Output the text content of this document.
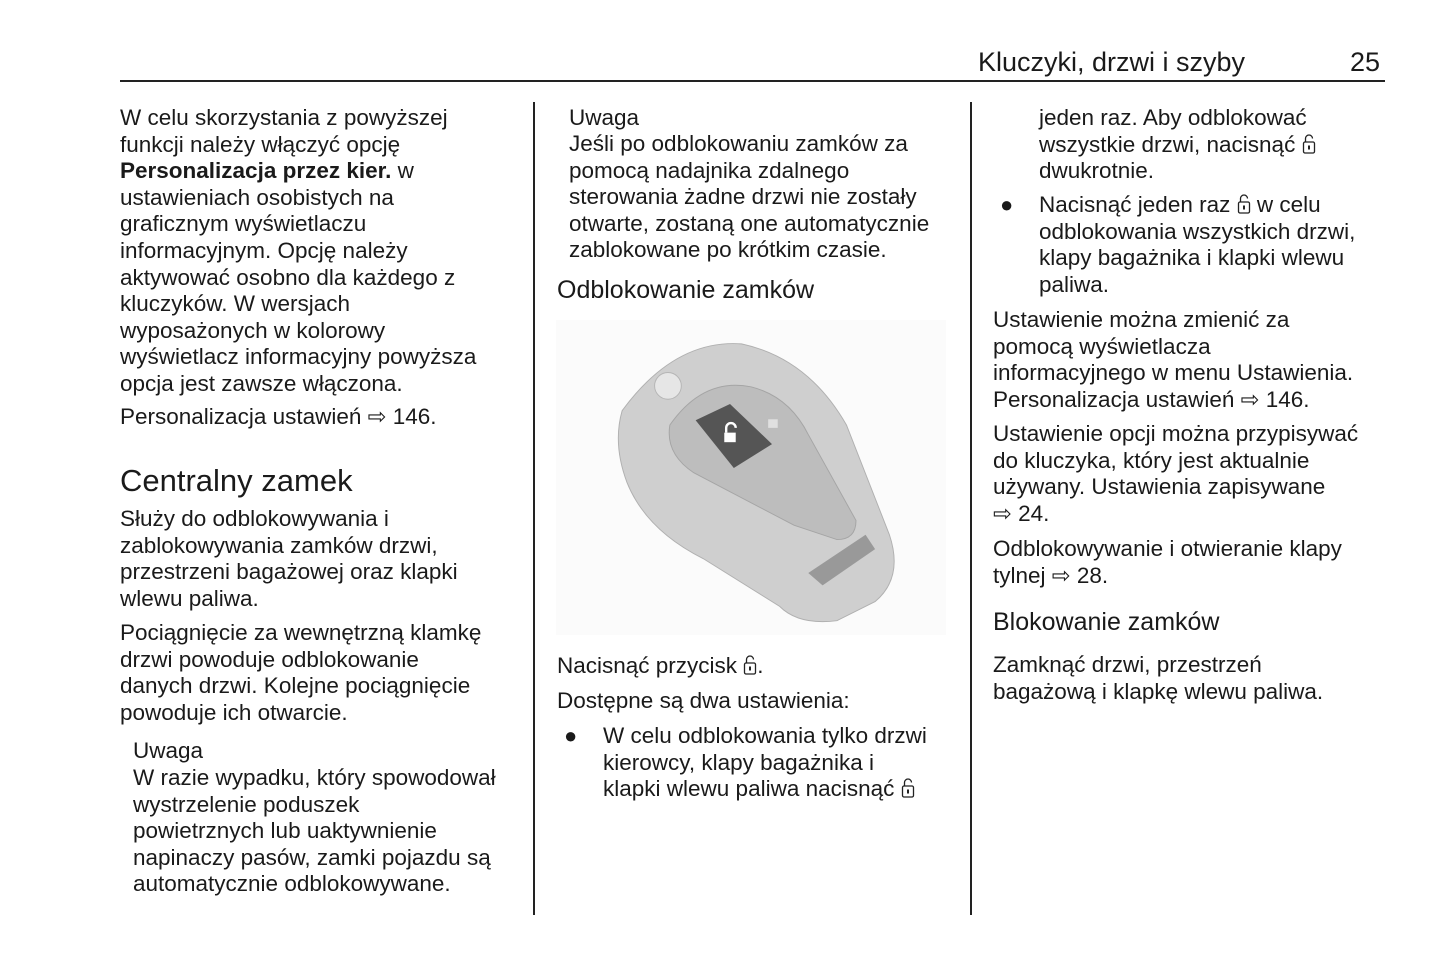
Kluczyki, drzwi i szyby	25
W celu skorzystania z powyższej
funkcji należy włączyć opcję
Personalizacja przez kier. w
ustawieniach osobistych na
graficznym wyświetlaczu
informacyjnym. Opcję należy
aktywować osobno dla każdego z
kluczyków. W wersjach
wyposażonych w kolorowy
wyświetlacz informacyjny powyższa
opcja jest zawsze włączona.
Personalizacja ustawień ⇨ 146.
Centralny zamek
Służy do odblokowywania i
zablokowywania zamków drzwi,
przestrzeni bagażowej oraz klapki
wlewu paliwa.
Pociągnięcie za wewnętrzną klamkę
drzwi powoduje odblokowanie
danych drzwi. Kolejne pociągnięcie
powoduje ich otwarcie.
Uwaga
W razie wypadku, który spowodował
wystrzelenie poduszek
powietrznych lub uaktywnienie
napinaczy pasów, zamki pojazdu są
automatycznie odblokowywane.
Uwaga
Jeśli po odblokowaniu zamków za
pomocą nadajnika zdalnego
sterowania żadne drzwi nie zostały
otwarte, zostaną one automatycznie
zablokowane po krótkim czasie.
Odblokowanie zamków
Nacisnąć przycisk .
Dostępne są dwa ustawienia:
● W celu odblokowania tylko drzwi
kierowcy, klapy bagażnika i
klapki wlewu paliwa nacisnąć
jeden raz. Aby odblokować
wszystkie drzwi, nacisnąć
dwukrotnie.
● Nacisnąć jeden raz  w celu
odblokowania wszystkich drzwi,
klapy bagażnika i klapki wlewu
paliwa.
Ustawienie można zmienić za
pomocą wyświetlacza
informacyjnego w menu Ustawienia.
Personalizacja ustawień ⇨ 146.
Ustawienie opcji można przypisywać
do kluczyka, który jest aktualnie
używany. Ustawienia zapisywane
⇨ 24.
Odblokowywanie i otwieranie klapy
tylnej ⇨ 28.
Blokowanie zamków
Zamknąć drzwi, przestrzeń
bagażową i klapkę wlewu paliwa.
